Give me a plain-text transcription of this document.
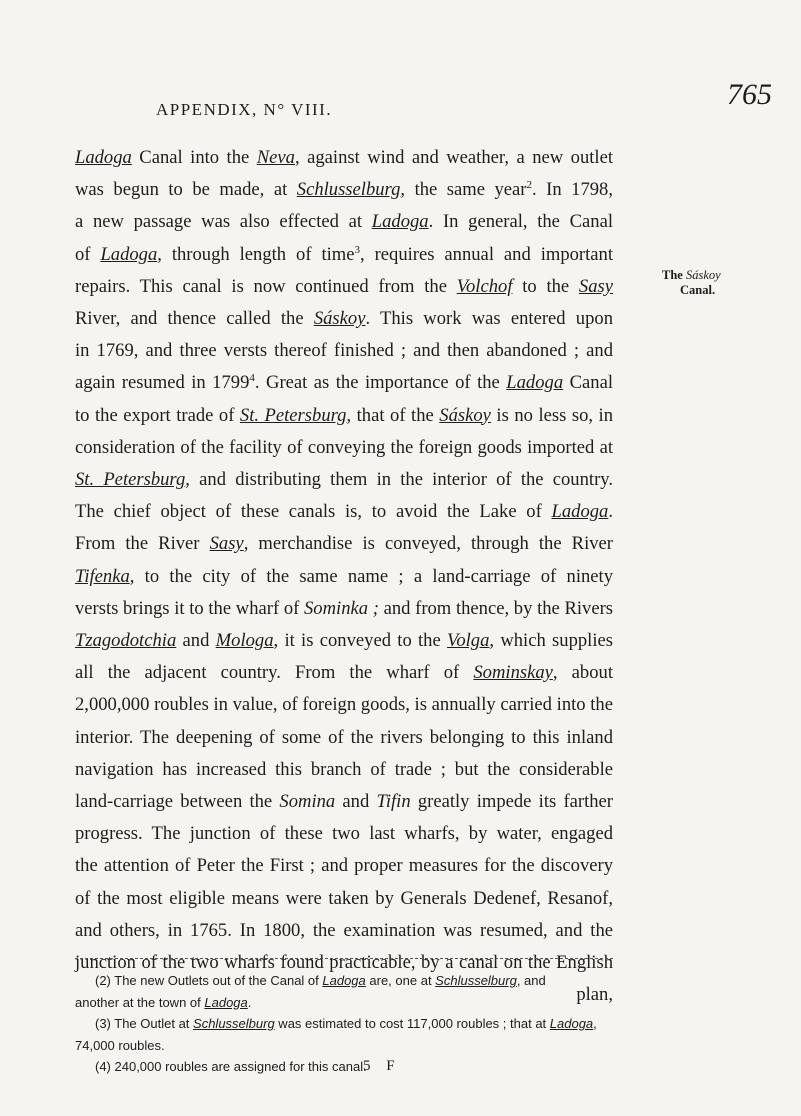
APPENDIX, N° VIII.	765
The Sáskoy
Canal.
Ladoga Canal into the Neva, against wind and weather, a new outlet
was begun to be made, at Schlusselburg, the same year$^2$. In 1798,
a new passage was also effected at Ladoga. In general, the Canal
of Ladoga, through length of time$^3$, requires annual and important
repairs. This canal is now continued from the Volchof to the Sasy
River, and thence called the Sáskoy. This work was entered upon
in 1769, and three versts thereof finished ; and then abandoned ; and
again resumed in 1799$^4$. Great as the importance of the Ladoga Canal
to the export trade of St. Petersburg, that of the Sáskoy is no less so, in
consideration of the facility of conveying the foreign goods imported at
St. Petersburg, and distributing them in the interior of the country.
The chief object of these canals is, to avoid the Lake of Ladoga.
From the River Sasy, merchandise is conveyed, through the River
Tifenka, to the city of the same name ; a land-carriage of ninety
versts brings it to the wharf of Sominka ; and from thence, by the Rivers
Tzagodotchia and Mologa, it is conveyed to the Volga, which supplies
all the adjacent country. From the wharf of Sominskay, about
2,000,000 roubles in value, of foreign goods, is annually carried into the
interior. The deepening of some of the rivers belonging to this inland
navigation has increased this branch of trade ; but the considerable
land-carriage between the Somina and Tifin greatly impede its farther
progress. The junction of these two last wharfs, by water, engaged
the attention of Peter the First ; and proper measures for the discovery
of the most eligible means were taken by Generals Dedenef, Resanof,
and others, in 1765. In 1800, the examination was resumed, and the
junction of the two wharfs found practicable, by a canal on the English
plan,
(2) The new Outlets out of the Canal of Ladoga are, one at Schlusselburg, and
another at the town of Ladoga.
(3) The Outlet at Schlusselburg was estimated to cost 117,000 roubles ; that at Ladoga,
74,000 roubles.
(4) 240,000 roubles are assigned for this canal.
5 F
